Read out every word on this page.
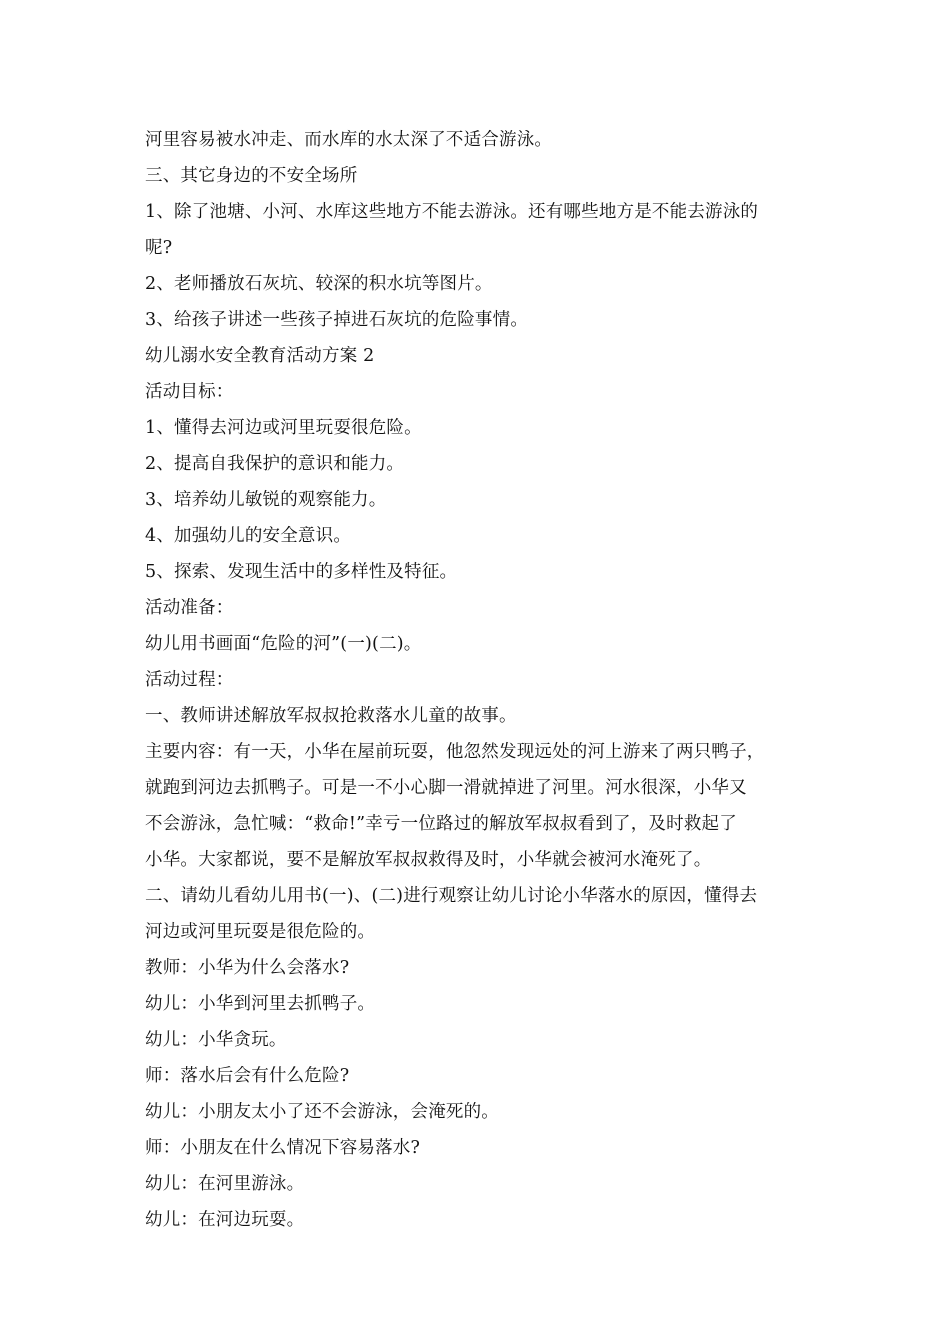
河里容易被水冲走、而水库的水太深了不适合游泳。
三、其它身边的不安全场所
1、除了池塘、小河、水库这些地方不能去游泳。还有哪些地方是不能去游泳的
呢?
2、老师播放石灰坑、较深的积水坑等图片。
3、给孩子讲述一些孩子掉进石灰坑的危险事情。
幼儿溺水安全教育活动方案 2
活动目标：
1、懂得去河边或河里玩耍很危险。
2、提高自我保护的意识和能力。
3、培养幼儿敏锐的观察能力。
4、加强幼儿的安全意识。
5、探索、发现生活中的多样性及特征。
活动准备：
幼儿用书画面“危险的河”(一)(二)。
活动过程：
一、教师讲述解放军叔叔抢救落水儿童的故事。
主要内容：有一天，小华在屋前玩耍，他忽然发现远处的河上游来了两只鸭子，
就跑到河边去抓鸭子。可是一不小心脚一滑就掉进了河里。河水很深，小华又
不会游泳，急忙喊：“救命!”幸亏一位路过的解放军叔叔看到了，及时救起了
小华。大家都说，要不是解放军叔叔救得及时，小华就会被河水淹死了。
二、请幼儿看幼儿用书(一)、(二)进行观察让幼儿讨论小华落水的原因，懂得去
河边或河里玩耍是很危险的。
教师：小华为什么会落水?
幼儿：小华到河里去抓鸭子。
幼儿：小华贪玩。
师：落水后会有什么危险?
幼儿：小朋友太小了还不会游泳，会淹死的。
师：小朋友在什么情况下容易落水?
幼儿：在河里游泳。
幼儿：在河边玩耍。
